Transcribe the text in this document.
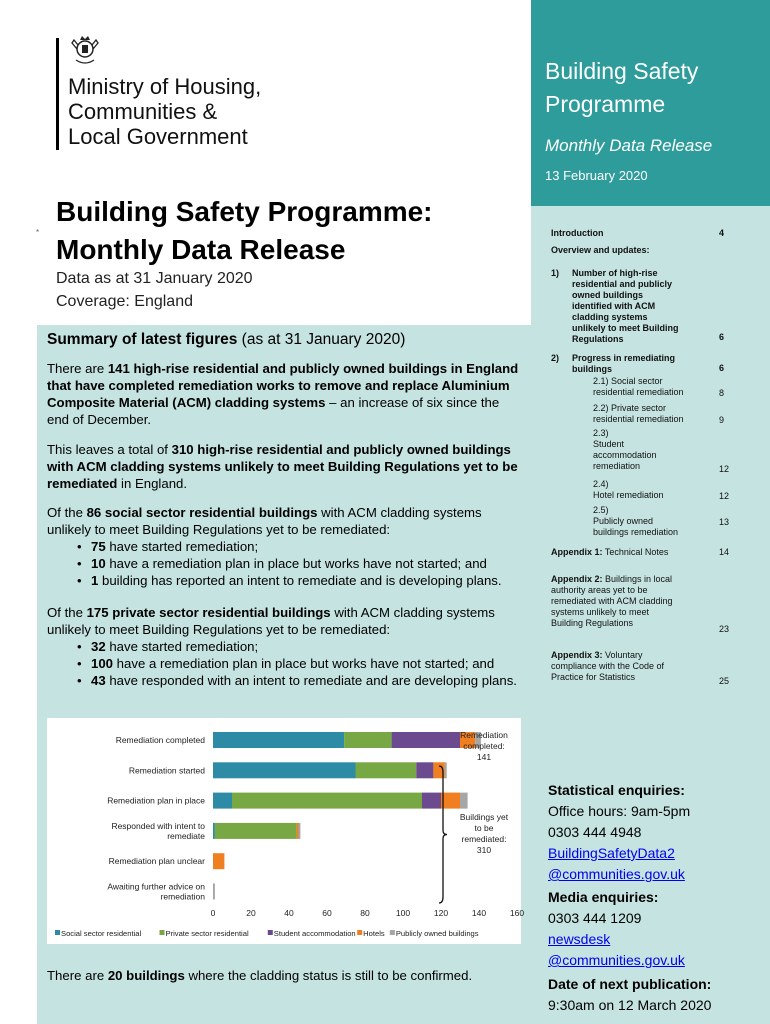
Ministry of Housing,
Communities &
Local Government
*
Building Safety Programme:
Monthly Data Release
Data as at 31 January 2020
Coverage: England
Summary of latest figures (as at 31 January 2020)
There are 141 high-rise residential and publicly owned buildings in England that have completed remediation works to remove and replace Aluminium Composite Material (ACM) cladding systems – an increase of six since the end of December.
This leaves a total of 310 high-rise residential and publicly owned buildings with ACM cladding systems unlikely to meet Building Regulations yet to be remediated in England.
Of the 86 social sector residential buildings with ACM cladding systems unlikely to meet Building Regulations yet to be remediated:
• 75 have started remediation;
• 10 have a remediation plan in place but works have not started; and
• 1 building has reported an intent to remediate and is developing plans.
Of the 175 private sector residential buildings with ACM cladding systems unlikely to meet Building Regulations yet to be remediated:
• 32 have started remediation;
• 100 have a remediation plan in place but works have not started; and
• 43 have responded with an intent to remediate and are developing plans.
Remediation completed
Remediation started
Remediation plan in place
Responded with intent to
remediate
Remediation plan unclear
Awaiting further advice on
remediation
0	20	40	60	80	100	120	140	160
Social sector residential	Private sector residential	Student accommodation Hotels Publicly owned buildings
Remediation
completed:
141
Buildings yet
to be
remediated:
310
There are 20 buildings where the cladding status is still to be confirmed.
Building Safety
Programme
Monthly Data Release
13 February 2020
Introduction	4
Overview and updates:
1) Number of high-rise
residential and publicly
owned buildings
identified with ACM
cladding systems
unlikely to meet Building
Regulations	6
2) Progress in remediating
buildings	6
2.1) Social sector
residential remediation	8
2.2) Private sector
residential remediation	9
2.3)
Student
accommodation
remediation	12
2.4)
Hotel remediation	12
2.5)
Publicly owned
buildings remediation
13
Appendix 1: Technical Notes	14
Appendix 2: Buildings in local
authority areas yet to be
remediated with ACM cladding
systems unlikely to meet
Building Regulations
23
Appendix 3: Voluntary
compliance with the Code of
Practice for Statistics	25
Statistical enquiries:
Office hours: 9am-5pm
0303 444 4948
BuildingSafetyData2
@communities.gov.uk
Media enquiries:
0303 444 1209
newsdesk
@communities.gov.uk
Date of next publication:
9:30am on 12 March 2020
